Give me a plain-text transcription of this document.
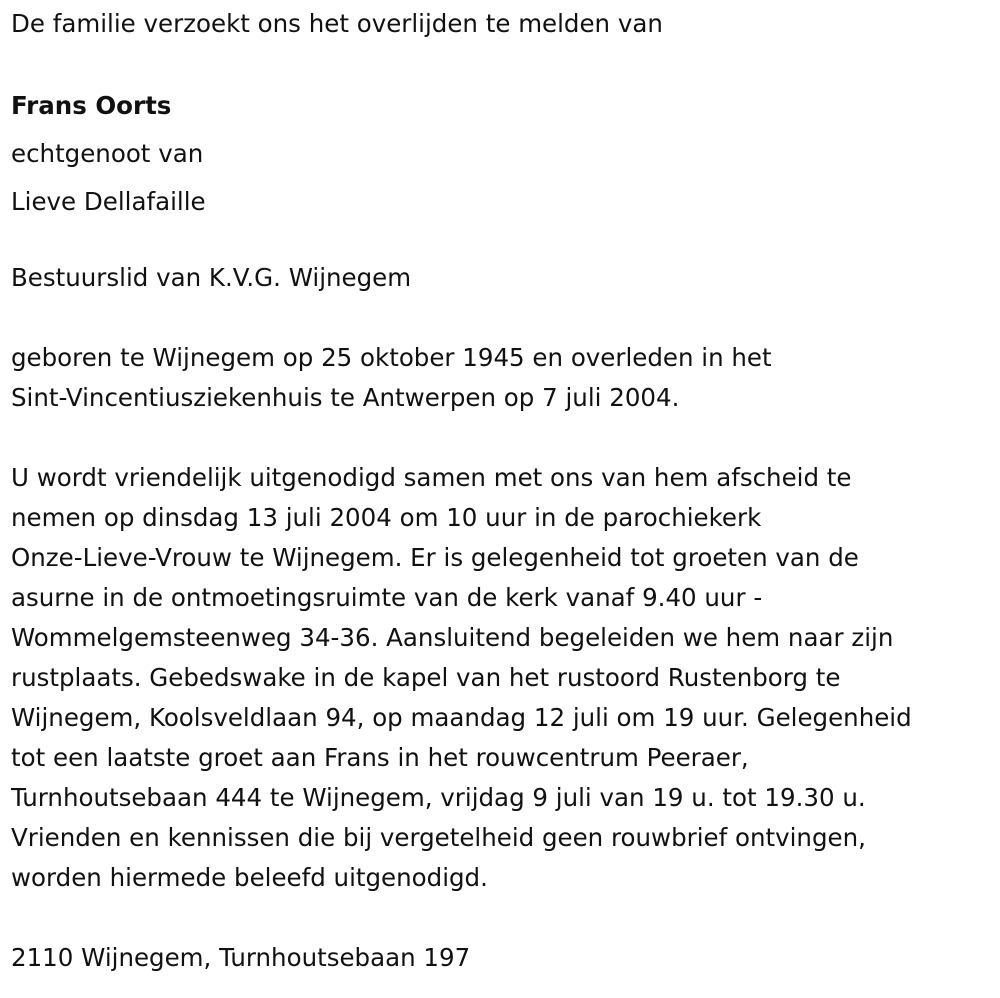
De familie verzoekt ons het overlijden te melden van
Frans Oorts
echtgenoot van
Lieve Dellafaille
Bestuurslid van K.V.G. Wijnegem
geboren te Wijnegem op 25 oktober 1945 en overleden in het
Sint-Vincentiusziekenhuis te Antwerpen op 7 juli 2004.
U wordt vriendelijk uitgenodigd samen met ons van hem afscheid te
nemen op dinsdag 13 juli 2004 om 10 uur in de parochiekerk
Onze-Lieve-Vrouw te Wijnegem. Er is gelegenheid tot groeten van de
asurne in de ontmoetingsruimte van de kerk vanaf 9.40 uur -
Wommelgemsteenweg 34-36. Aansluitend begeleiden we hem naar zijn
rustplaats. Gebedswake in de kapel van het rustoord Rustenborg te
Wijnegem, Koolsveldlaan 94, op maandag 12 juli om 19 uur. Gelegenheid
tot een laatste groet aan Frans in het rouwcentrum Peeraer,
Turnhoutsebaan 444 te Wijnegem, vrijdag 9 juli van 19 u. tot 19.30 u.
Vrienden en kennissen die bij vergetelheid geen rouwbrief ontvingen,
worden hiermede beleefd uitgenodigd.
2110 Wijnegem, Turnhoutsebaan 197
